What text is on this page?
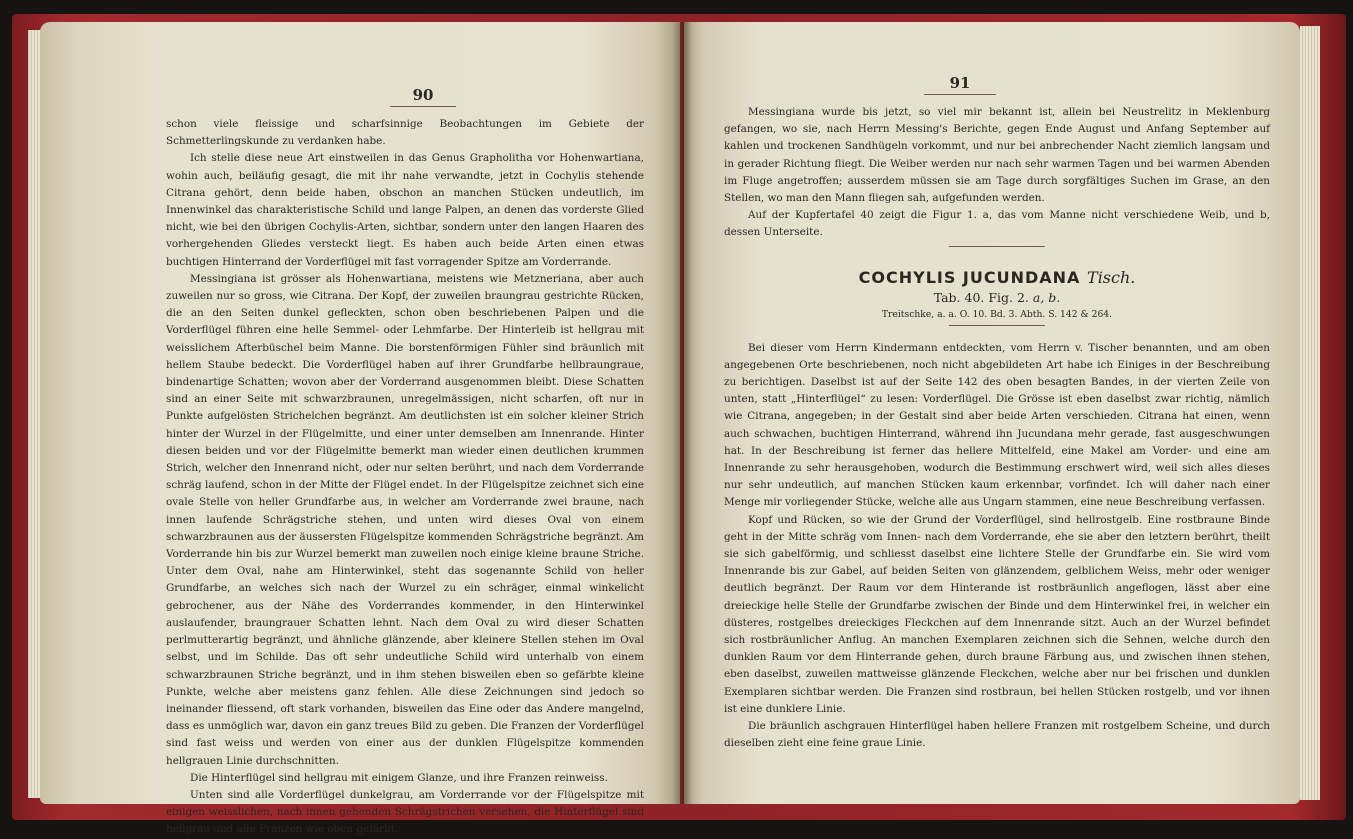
90

schon viele fleissige und scharfsinnige Beobachtungen im Gebiete der Schmetterlingskunde zu verdanken habe.

Ich stelle diese neue Art einstweilen in das Genus Grapholitha vor Hohenwartiana, wohin auch, beiläufig gesagt, die mit ihr nahe verwandte, jetzt in Cochylis stehende Citrana gehört, denn beide haben, obschon an manchen Stücken undeutlich, im Innenwinkel das charakteristische Schild und lange Palpen, an denen das vorderste Glied nicht, wie bei den übrigen Cochylis-Arten, sichtbar, sondern unter den langen Haaren des vorhergehenden Gliedes versteckt liegt. Es haben auch beide Arten einen etwas buchtigen Hinterrand der Vorderflügel mit fast vorragender Spitze am Vorderrande.

Messingiana ist grösser als Hohenwartiana, meistens wie Metzneriana, aber auch zuweilen nur so gross, wie Citrana. Der Kopf, der zuweilen braungrau gestrichte Rücken, die an den Seiten dunkel gefleckten, schon oben beschriebenen Palpen und die Vorderflügel führen eine helle Semmel- oder Lehmfarbe. Der Hinterleib ist hellgrau mit weisslichem Afterbüschel beim Manne. Die borstenförmigen Fühler sind bräunlich mit hellem Staube bedeckt. Die Vorderflügel haben auf ihrer Grundfarbe hellbraungraue, bindenartige Schatten; wovon aber der Vorderrand ausgenommen bleibt. Diese Schatten sind an einer Seite mit schwarzbraunen, unregelmässigen, nicht scharfen, oft nur in Punkte aufgelösten Strichelchen begränzt. Am deutlichsten ist ein solcher kleiner Strich hinter der Wurzel in der Flügelmitte, und einer unter demselben am Innenrande. Hinter diesen beiden und vor der Flügelmitte bemerkt man wieder einen deutlichen krummen Strich, welcher den Innenrand nicht, oder nur selten berührt, und nach dem Vorderrande schräg laufend, schon in der Mitte der Flügel endet. In der Flügelspitze zeichnet sich eine ovale Stelle von heller Grundfarbe aus, in welcher am Vorderrande zwei braune, nach innen laufende Schrägstriche stehen, und unten wird dieses Oval von einem schwarzbraunen aus der äussersten Flügelspitze kommenden Schrägstriche begränzt. Am Vorderrande hin bis zur Wurzel bemerkt man zuweilen noch einige kleine braune Striche. Unter dem Oval, nahe am Hinterwinkel, steht das sogenannte Schild von heller Grundfarbe, an welches sich nach der Wurzel zu ein schräger, einmal winkelicht gebrochener, aus der Nähe des Vorderrandes kommender, in den Hinterwinkel auslaufender, braungrauer Schatten lehnt. Nach dem Oval zu wird dieser Schatten perlmutterartig begränzt, und ähnliche glänzende, aber kleinere Stellen stehen im Oval selbst, und im Schilde. Das oft sehr undeutliche Schild wird unterhalb von einem schwarzbraunen Striche begränzt, und in ihm stehen bisweilen eben so gefärbte kleine Punkte, welche aber meistens ganz fehlen. Alle diese Zeichnungen sind jedoch so ineinander fliessend, oft stark vorhanden, bisweilen das Eine oder das Andere mangelnd, dass es unmöglich war, davon ein ganz treues Bild zu geben. Die Franzen der Vorderflügel sind fast weiss und werden von einer aus der dunklen Flügelspitze kommenden hellgrauen Linie durchschnitten.

Die Hinterflügel sind hellgrau mit einigem Glanze, und ihre Franzen reinweiss.

Unten sind alle Vorderflügel dunkelgrau, am Vorderrande vor der Flügelspitze mit einigen weisslichen, nach innen gehenden Schrägstrichen versehen, die Hinterflügel sind hellgrau und alle Franzen wie oben gefärbt.

91

Messingiana wurde bis jetzt, so viel mir bekannt ist, allein bei Neustrelitz in Meklenburg gefangen, wo sie, nach Herrn Messing's Berichte, gegen Ende August und Anfang September auf kahlen und trockenen Sandhügeln vorkommt, und nur bei anbrechender Nacht ziemlich langsam und in gerader Richtung fliegt. Die Weiber werden nur nach sehr warmen Tagen und bei warmen Abenden im Fluge angetroffen; ausserdem müssen sie am Tage durch sorgfältiges Suchen im Grase, an den Stellen, wo man den Mann fliegen sah, aufgefunden werden.

Auf der Kupfertafel 40 zeigt die Figur 1. a, das vom Manne nicht verschiedene Weib, und b, dessen Unterseite.

COCHYLIS JUCUNDANA Tisch.
Tab. 40. Fig. 2. a, b.
Treitschke, a. a. O. 10. Bd. 3. Abth. S. 142 & 264.

Bei dieser vom Herrn Kindermann entdeckten, vom Herrn v. Tischer benannten, und am oben angegebenen Orte beschriebenen, noch nicht abgebildeten Art habe ich Einiges in der Beschreibung zu berichtigen. Daselbst ist auf der Seite 142 des oben besagten Bandes, in der vierten Zeile von unten, statt „Hinterflügel“ zu lesen: Vorderflügel. Die Grösse ist eben daselbst zwar richtig, nämlich wie Citrana, angegeben; in der Gestalt sind aber beide Arten verschieden. Citrana hat einen, wenn auch schwachen, buchtigen Hinterrand, während ihn Jucundana mehr gerade, fast ausgeschwungen hat. In der Beschreibung ist ferner das hellere Mittelfeld, eine Makel am Vorder- und eine am Innenrande zu sehr herausgehoben, wodurch die Bestimmung erschwert wird, weil sich alles dieses nur sehr undeutlich, auf manchen Stücken kaum erkennbar, vorfindet. Ich will daher nach einer Menge mir vorliegender Stücke, welche alle aus Ungarn stammen, eine neue Beschreibung verfassen.

Kopf und Rücken, so wie der Grund der Vorderflügel, sind hellrostgelb. Eine rostbraune Binde geht in der Mitte schräg vom Innen- nach dem Vorderrande, ehe sie aber den letztern berührt, theilt sie sich gabelförmig, und schliesst daselbst eine lichtere Stelle der Grundfarbe ein. Sie wird vom Innenrande bis zur Gabel, auf beiden Seiten von glänzendem, gelblichem Weiss, mehr oder weniger deutlich begränzt. Der Raum vor dem Hinterande ist rostbräunlich angeflogen, lässt aber eine dreieckige helle Stelle der Grundfarbe zwischen der Binde und dem Hinterwinkel frei, in welcher ein düsteres, rostgelbes dreieckiges Fleckchen auf dem Innenrande sitzt. Auch an der Wurzel befindet sich rostbräunlicher Anflug. An manchen Exemplaren zeichnen sich die Sehnen, welche durch den dunklen Raum vor dem Hinterrande gehen, durch braune Färbung aus, und zwischen ihnen stehen, eben daselbst, zuweilen mattweisse glänzende Fleckchen, welche aber nur bei frischen und dunklen Exemplaren sichtbar werden. Die Franzen sind rostbraun, bei hellen Stücken rostgelb, und vor ihnen ist eine dunklere Linie.

Die bräunlich aschgrauen Hinterflügel haben hellere Franzen mit rostgelbem Scheine, und durch dieselben zieht eine feine graue Linie.
